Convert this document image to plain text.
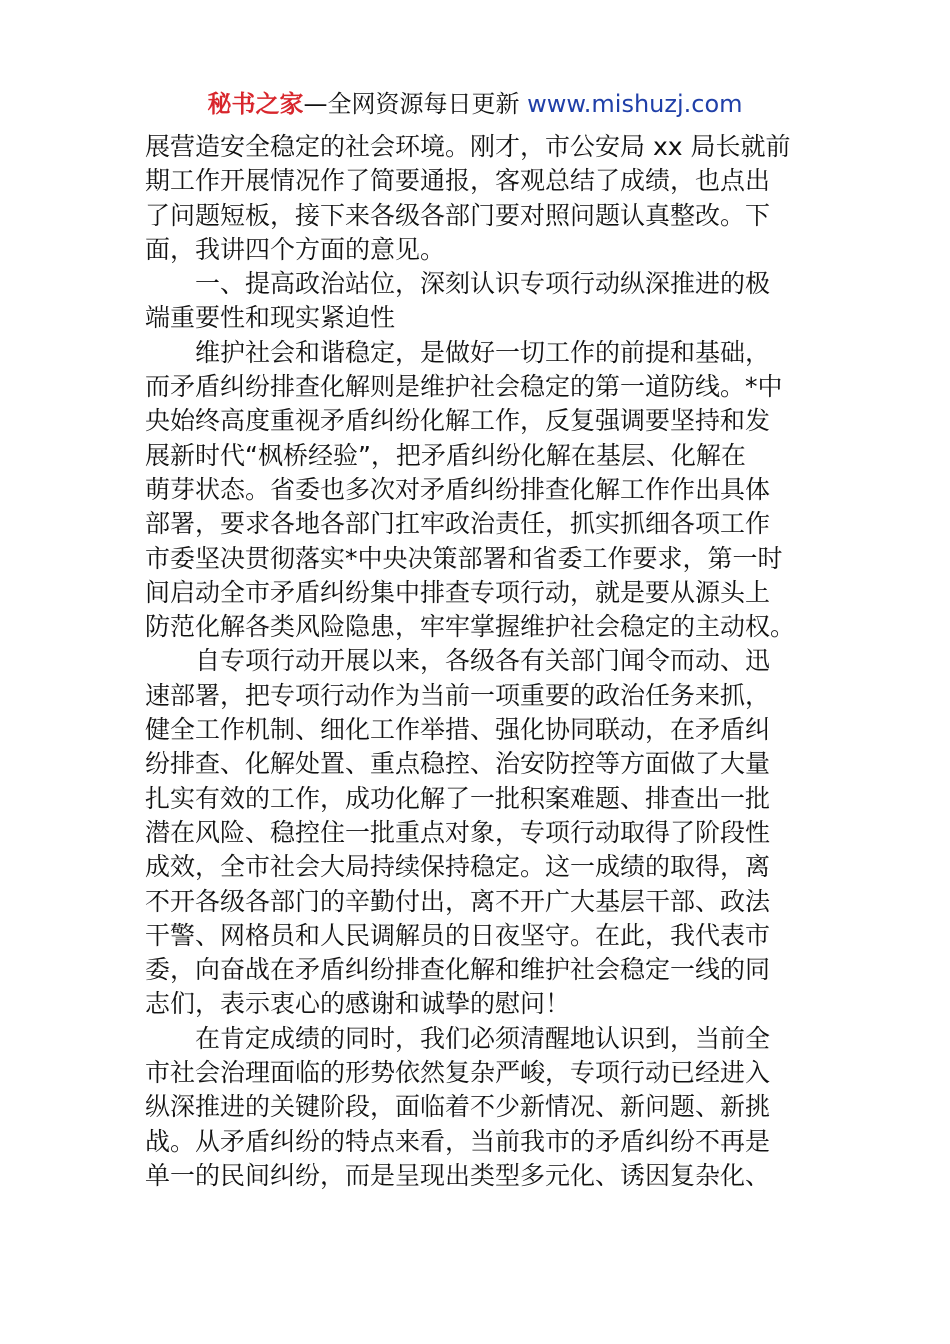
秘书之家—全网资源每日更新 www.mishuzj.com
展营造安全稳定的社会环境。刚才，市公安局 xx 局长就前
期工作开展情况作了简要通报，客观总结了成绩，也点出
了问题短板，接下来各级各部门要对照问题认真整改。下
面，我讲四个方面的意见。
　　一、提高政治站位，深刻认识专项行动纵深推进的极
端重要性和现实紧迫性
　　维护社会和谐稳定，是做好一切工作的前提和基础，
而矛盾纠纷排查化解则是维护社会稳定的第一道防线。*中
央始终高度重视矛盾纠纷化解工作，反复强调要坚持和发
展新时代“枫桥经验”，把矛盾纠纷化解在基层、化解在
萌芽状态。省委也多次对矛盾纠纷排查化解工作作出具体
部署，要求各地各部门扛牢政治责任，抓实抓细各项工作
市委坚决贯彻落实*中央决策部署和省委工作要求，第一时
间启动全市矛盾纠纷集中排查专项行动，就是要从源头上
防范化解各类风险隐患，牢牢掌握维护社会稳定的主动权。
　　自专项行动开展以来，各级各有关部门闻令而动、迅
速部署，把专项行动作为当前一项重要的政治任务来抓，
健全工作机制、细化工作举措、强化协同联动，在矛盾纠
纷排查、化解处置、重点稳控、治安防控等方面做了大量
扎实有效的工作，成功化解了一批积案难题、排查出一批
潜在风险、稳控住一批重点对象，专项行动取得了阶段性
成效，全市社会大局持续保持稳定。这一成绩的取得，离
不开各级各部门的辛勤付出，离不开广大基层干部、政法
干警、网格员和人民调解员的日夜坚守。在此，我代表市
委，向奋战在矛盾纠纷排查化解和维护社会稳定一线的同
志们，表示衷心的感谢和诚挚的慰问！
　　在肯定成绩的同时，我们必须清醒地认识到，当前全
市社会治理面临的形势依然复杂严峻，专项行动已经进入
纵深推进的关键阶段，面临着不少新情况、新问题、新挑
战。从矛盾纠纷的特点来看，当前我市的矛盾纠纷不再是
单一的民间纠纷，而是呈现出类型多元化、诱因复杂化、
